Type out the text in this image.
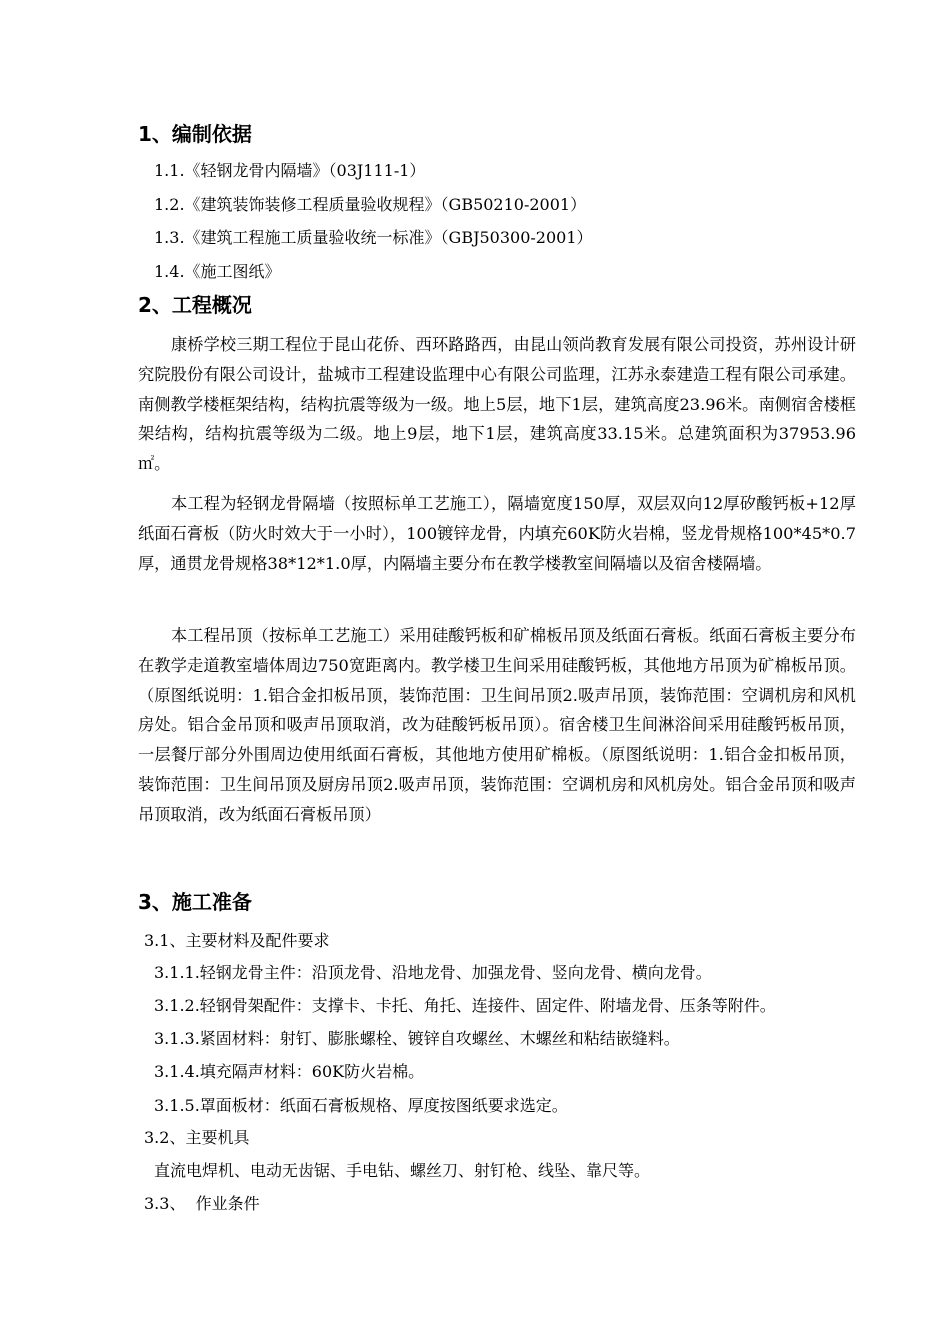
1、编制依据
1.1.《轻钢龙骨内隔墙》（03J111-1）
1.2.《建筑装饰装修工程质量验收规程》（GB50210-2001）
1.3.《建筑工程施工质量验收统一标准》（GBJ50300-2001）
1.4.《施工图纸》
2、工程概况
康桥学校三期工程位于昆山花侨、西环路路西，由昆山领尚教育发展有限公司投资，苏州设计研究院股份有限公司设计，盐城市工程建设监理中心有限公司监理，江苏永泰建造工程有限公司承建。南侧教学楼框架结构，结构抗震等级为一级。地上5层，地下1层，建筑高度23.96米。南侧宿舍楼框架结构，结构抗震等级为二级。地上9层，地下1层，建筑高度33.15米。总建筑面积为37953.96㎡。
本工程为轻钢龙骨隔墙（按照标单工艺施工），隔墙宽度150厚，双层双向12厚矽酸钙板+12厚纸面石膏板（防火时效大于一小时），100镀锌龙骨，内填充60K防火岩棉，竖龙骨规格100*45*0.7厚，通贯龙骨规格38*12*1.0厚，内隔墙主要分布在教学楼教室间隔墙以及宿舍楼隔墙。
本工程吊顶（按标单工艺施工）采用硅酸钙板和矿棉板吊顶及纸面石膏板。纸面石膏板主要分布在教学走道教室墙体周边750宽距离内。教学楼卫生间采用硅酸钙板，其他地方吊顶为矿棉板吊顶。（原图纸说明：1.铝合金扣板吊顶，装饰范围：卫生间吊顶2.吸声吊顶，装饰范围：空调机房和风机房处。铝合金吊顶和吸声吊顶取消，改为硅酸钙板吊顶）。宿舍楼卫生间淋浴间采用硅酸钙板吊顶，一层餐厅部分外围周边使用纸面石膏板，其他地方使用矿棉板。（原图纸说明：1.铝合金扣板吊顶，装饰范围：卫生间吊顶及厨房吊顶2.吸声吊顶，装饰范围：空调机房和风机房处。铝合金吊顶和吸声吊顶取消，改为纸面石膏板吊顶）
3、施工准备
3.1、主要材料及配件要求
3.1.1.轻钢龙骨主件：沿顶龙骨、沿地龙骨、加强龙骨、竖向龙骨、横向龙骨。
3.1.2.轻钢骨架配件：支撑卡、卡托、角托、连接件、固定件、附墙龙骨、压条等附件。
3.1.3.紧固材料：射钉、膨胀螺栓、镀锌自攻螺丝、木螺丝和粘结嵌缝料。
3.1.4.填充隔声材料：60K防火岩棉。
3.1.5.罩面板材：纸面石膏板规格、厚度按图纸要求选定。
3.2、主要机具
直流电焊机、电动无齿锯、手电钻、螺丝刀、射钉枪、线坠、靠尺等。
3.3、  作业条件
